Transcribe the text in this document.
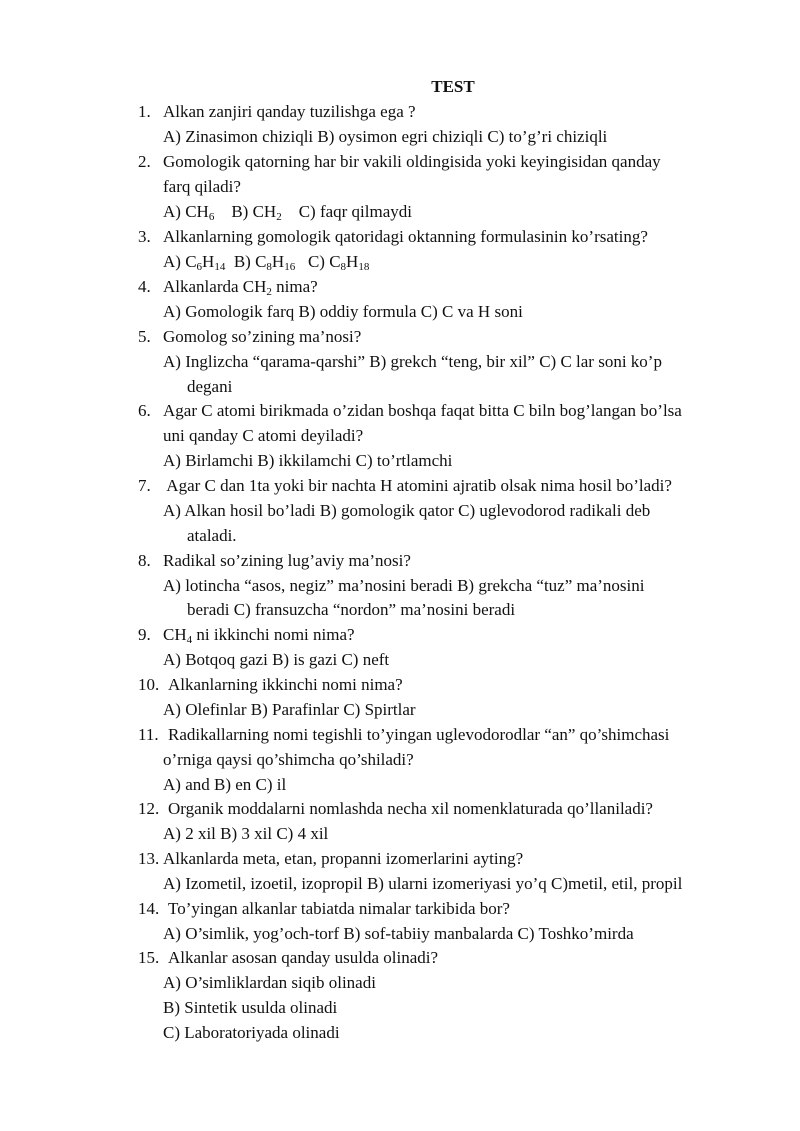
TEST
1. Alkan zanjiri qanday tuzilishga ega ?
A) Zinasimon chiziqli B) oysimon egri chiziqli C) to’g’ri chiziqli
2. Gomologik qatorning har bir vakili oldingisida yoki keyingisidan qanday
farq qiladi?
A) $CH_6$ B) $CH_2$ C) faqr qilmaydi
3. Alkanlarning gomologik qatoridagi oktanning formulasinin ko’rsating?
A) $C_6H_{14}$ B) $C_8H_{16}$ C) $C_8H_{18}$
4. Alkanlarda $CH_2$ nima?
A) Gomologik farq B) oddiy formula C) C va H soni
5. Gomolog so’zining ma’nosi?
A) Inglizcha “qarama-qarshi” B) grekch “teng, bir xil” C) C lar soni ko’p
degani
6. Agar C atomi birikmada o’zidan boshqa faqat bitta C biln bog’langan bo’lsa
uni qanday C atomi deyiladi?
A) Birlamchi B) ikkilamchi C) to’rtlamchi
7. Agar C dan 1ta yoki bir nachta H atomini ajratib olsak nima hosil bo’ladi?
A) Alkan hosil bo’ladi B) gomologik qator C) uglevodorod radikali deb
ataladi.
8. Radikal so’zining lug’aviy ma’nosi?
A) lotincha “asos, negiz” ma’nosini beradi B) grekcha “tuz” ma’nosini
beradi C) fransuzcha “nordon” ma’nosini beradi
9. $CH_4$ ni ikkinchi nomi nima?
A) Botqoq gazi B) is gazi C) neft
10. Alkanlarning ikkinchi nomi nima?
A) Olefinlar B) Parafinlar C) Spirtlar
11. Radikallarning nomi tegishli to’yingan uglevodorodlar “an” qo’shimchasi
o’rniga qaysi qo’shimcha qo’shiladi?
A) and B) en C) il
12. Organik moddalarni nomlashda necha xil nomenklaturada qo’llaniladi?
A) 2 xil B) 3 xil C) 4 xil
13. Alkanlarda meta, etan, propanni izomerlarini ayting?
A) Izometil, izoetil, izopropil B) ularni izomeriyasi yo’q C)metil, etil, propil
14. To’yingan alkanlar tabiatda nimalar tarkibida bor?
A) O’simlik, yog’och-torf B) sof-tabiiy manbalarda C) Toshko’mirda
15. Alkanlar asosan qanday usulda olinadi?
A) O’simliklardan siqib olinadi
B) Sintetik usulda olinadi
C) Laboratoriyada olinadi
